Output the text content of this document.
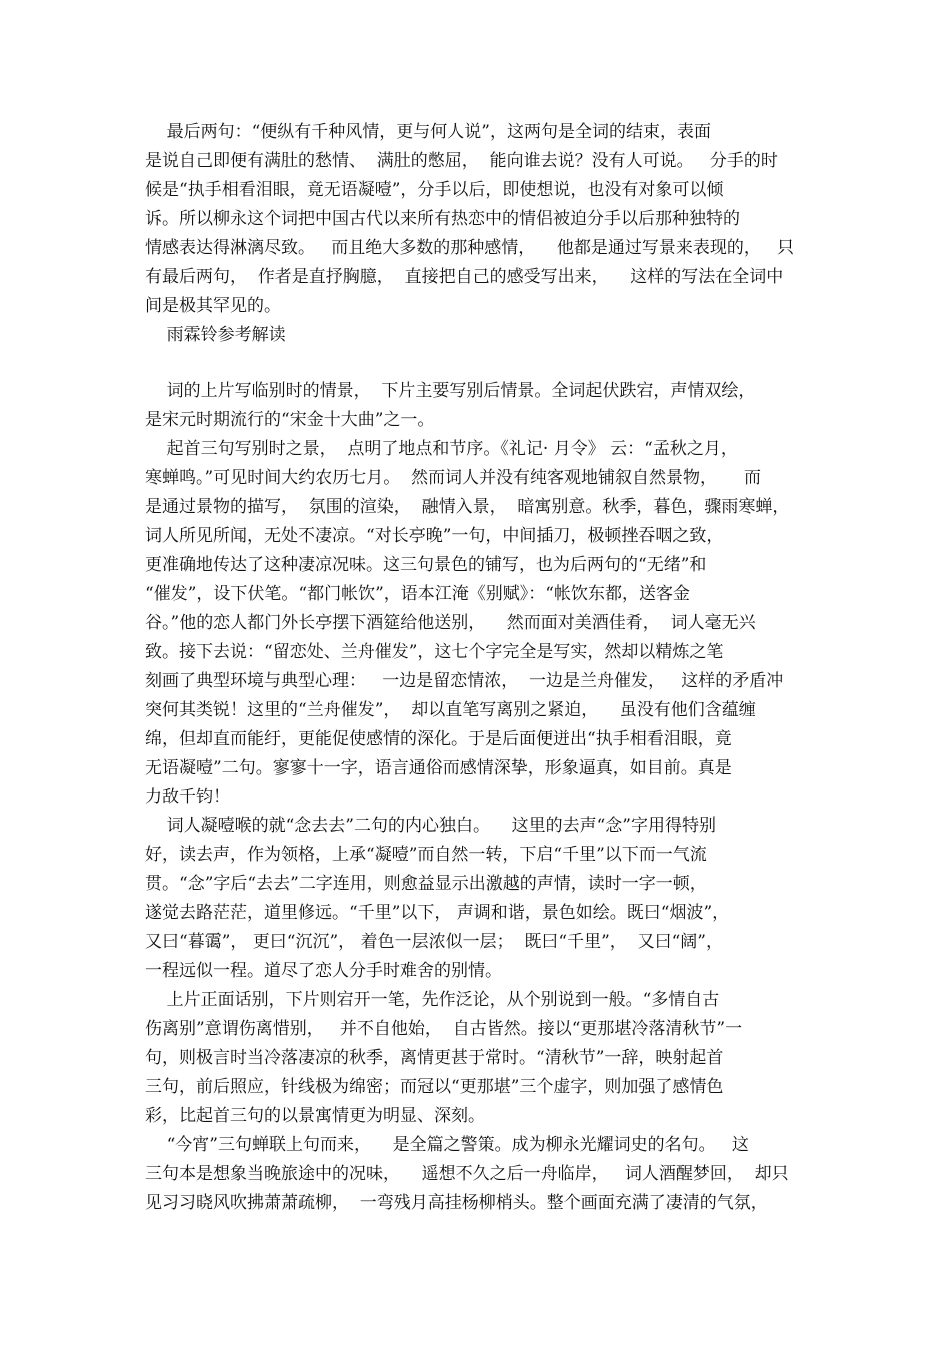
最后两句：“便纵有千种风情，更与何人说”，这两句是全词的结束，表面
是说自己即便有满肚的愁情、  满肚的憋屈，  能向谁去说？没有人可说。   分手的时
候是“执手相看泪眼，竟无语凝噎”，分手以后，即使想说，也没有对象可以倾
诉。所以柳永这个词把中国古代以来所有热恋中的情侣被迫分手以后那种独特的
情感表达得淋漓尽致。   而且绝大多数的那种感情，    他都是通过写景来表现的，   只
有最后两句，  作者是直抒胸臆，  直接把自己的感受写出来，    这样的写法在全词中
间是极其罕见的。
雨霖铃参考解读
词的上片写临别时的情景，  下片主要写别后情景。全词起伏跌宕，声情双绘，
是宋元时期流行的“宋金十大曲”之一。
起首三句写别时之景，  点明了地点和节序。《礼记· 月令》 云：“孟秋之月，
寒蝉鸣。”可见时间大约农历七月。  然而词人并没有纯客观地铺叙自然景物，     而
是通过景物的描写，  氛围的渲染，  融情入景，  暗寓别意。秋季，暮色，骤雨寒蝉，
词人所见所闻，无处不凄凉。“对长亭晚”一句，中间插刀，极顿挫吞咽之致，
更准确地传达了这种凄凉况味。这三句景色的铺写，也为后两句的“无绪”和
“催发”，设下伏笔。“都门帐饮”，语本江淹《别赋》：“帐饮东都，送客金
谷。”他的恋人都门外长亭摆下酒筵给他送别，    然而面对美酒佳肴，  词人毫无兴
致。接下去说：“留恋处、兰舟催发”，这七个字完全是写实，然却以精炼之笔
刻画了典型环境与典型心理：   一边是留恋情浓，  一边是兰舟催发，   这样的矛盾冲
突何其类锐！这里的“兰舟催发”，  却以直笔写离别之紧迫，    虽没有他们含蕴缠
绵，但却直而能纡，更能促使感情的深化。于是后面便迸出“执手相看泪眼，竟
无语凝噎”二句。寥寥十一字，语言通俗而感情深挚，形象逼真，如目前。真是
力敌千钧！
词人凝噎喉的就“念去去”二句的内心独白。    这里的去声“念”字用得特别
好，读去声，作为领格，上承“凝噎”而自然一转，下启“千里”以下而一气流
贯。“念”字后“去去”二字连用，则愈益显示出激越的声情，读时一字一顿，
遂觉去路茫茫，道里修远。“千里”以下， 声调和谐，景色如绘。既曰“烟波”，
又曰“暮霭”， 更曰“沉沉”， 着色一层浓似一层；  既曰“千里”，  又曰“阔”，
一程远似一程。道尽了恋人分手时难舍的别情。
上片正面话别，下片则宕开一笔，先作泛论，从个别说到一般。“多情自古
伤离别”意谓伤离惜别，   并不自他始，  自古皆然。接以“更那堪冷落清秋节”一
句，则极言时当冷落凄凉的秋季，离情更甚于常时。“清秋节”一辞，映射起首
三句，前后照应，针线极为绵密；而冠以“更那堪”三个虚字，则加强了感情色
彩，比起首三句的以景寓情更为明显、深刻。
“今宵”三句蝉联上句而来，    是全篇之警策。成为柳永光耀词史的名句。   这
三句本是想象当晚旅途中的况味，    遥想不久之后一舟临岸，   词人酒醒梦回，  却只
见习习晓风吹拂萧萧疏柳，  一弯残月高挂杨柳梢头。整个画面充满了凄清的气氛，
